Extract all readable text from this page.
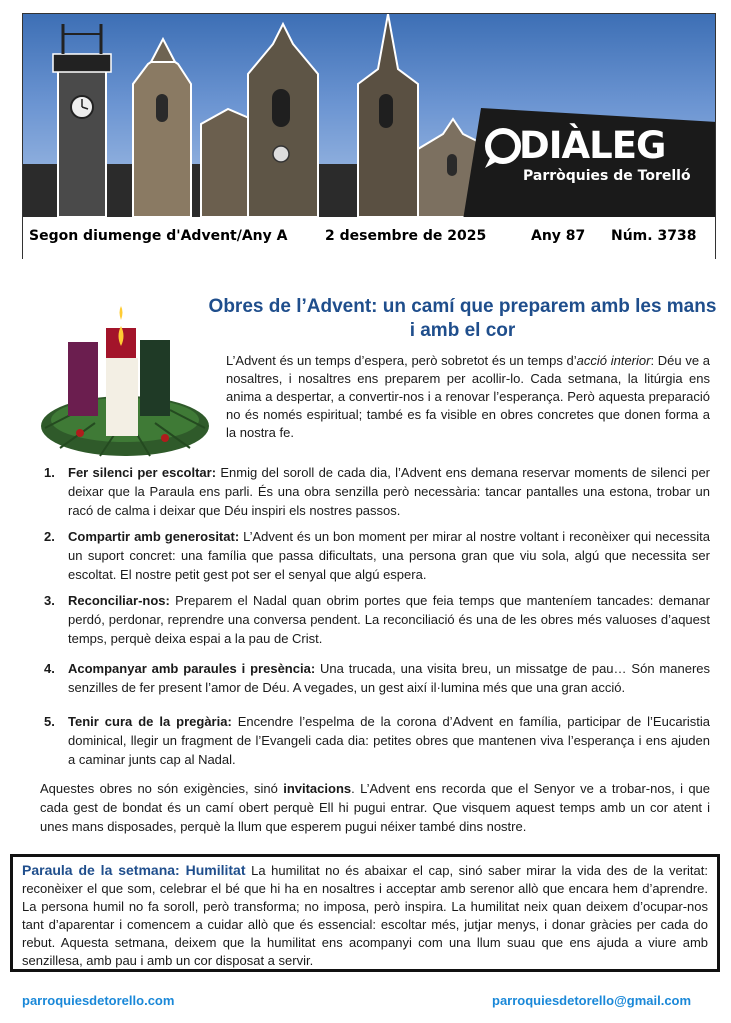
DIÀLEG
Parròquies de Torelló
Segon diumenge d'Advent/Any A	2 desembre de 2025	Any 87 Núm. 3738
Obres de l’Advent: un camí que preparem amb les mans i amb el cor
L’Advent és un temps d’espera, però sobretot és un temps d’acció interior: Déu ve a nosaltres, i nosaltres ens preparem per acollir-lo. Cada setmana, la litúrgia ens anima a despertar, a convertir-nos i a renovar l’esperança. Però aquesta preparació no és només espiritual; també es fa visible en obres concretes que donen forma a la nostra fe.
1. Fer silenci per escoltar: Enmig del soroll de cada dia, l’Advent ens demana reservar moments de silenci per deixar que la Paraula ens parli. És una obra senzilla però necessària: tancar pantalles una estona, trobar un racó de calma i deixar que Déu inspiri els nostres passos.
2. Compartir amb generositat: L’Advent és un bon moment per mirar al nostre voltant i reconèixer qui necessita un suport concret: una família que passa dificultats, una persona gran que viu sola, algú que necessita ser escoltat. El nostre petit gest pot ser el senyal que algú espera.
3. Reconciliar-nos: Preparem el Nadal quan obrim portes que feia temps que manteníem tancades: demanar perdó, perdonar, reprendre una conversa pendent. La reconciliació és una de les obres més valuoses d’aquest temps, perquè deixa espai a la pau de Crist.
4. Acompanyar amb paraules i presència: Una trucada, una visita breu, un missatge de pau… Són maneres senzilles de fer present l’amor de Déu. A vegades, un gest així il·lumina més que una gran acció.
5. Tenir cura de la pregària: Encendre l’espelma de la corona d’Advent en família, participar de l’Eucaristia dominical, llegir un fragment de l’Evangeli cada dia: petites obres que mantenen viva l’esperança i ens ajuden a caminar junts cap al Nadal.
Aquestes obres no són exigències, sinó invitacions. L’Advent ens recorda que el Senyor ve a trobar-nos, i que cada gest de bondat és un camí obert perquè Ell hi pugui entrar. Que visquem aquest temps amb un cor atent i unes mans disposades, perquè la llum que esperem pugui néixer també dins nostre.
Paraula de la setmana: Humilitat La humilitat no és abaixar el cap, sinó saber mirar la vida des de la veritat: reconèixer el que som, celebrar el bé que hi ha en nosaltres i acceptar amb serenor allò que encara hem d’aprendre. La persona humil no fa soroll, però transforma; no imposa, però inspira. La humilitat neix quan deixem d’ocupar-nos tant d’aparentar i comencem a cuidar allò que és essencial: escoltar més, jutjar menys, i donar gràcies per cada do rebut. Aquesta setmana, deixem que la humilitat ens acompanyi com una llum suau que ens ajuda a viure amb senzillesa, amb pau i amb un cor disposat a servir.
parroquiesdetorello.com	parroquiesdetorello@gmail.com
